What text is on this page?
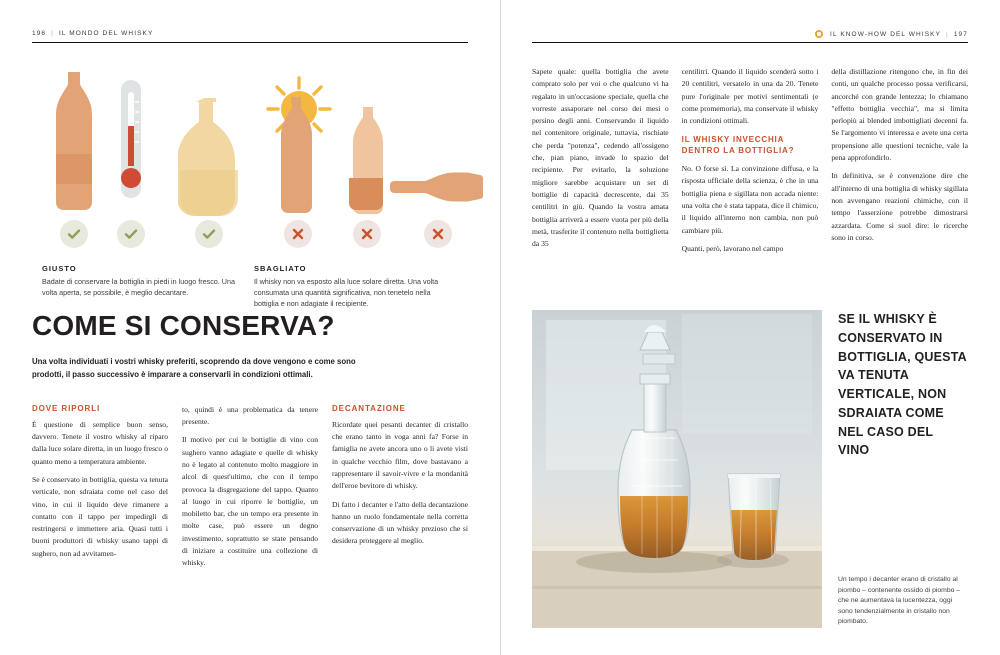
196 | IL MONDO DEL WHISKY
GIUSTO

Badate di conservare la bottiglia in piedi in luogo fresco. Una volta aperta, se possibile, è meglio decantare.

SBAGLIATO

Il whisky non va esposto alla luce solare diretta. Una volta consumata una quantità significativa, non tenetelo nella bottiglia e non adagiate il recipiente.

COME SI CONSERVA?

Una volta individuati i vostri whisky preferiti, scoprendo da dove vengono e come sono prodotti, il passo successivo è imparare a conservarli in condizioni ottimali.

DOVE RIPORLI

È questione di semplice buon senso, davvero. Tenete il vostro whisky al riparo dalla luce solare diretta, in un luogo fresco o quanto meno a temperatura ambiente.

Se è conservato in bottiglia, questa va tenuta verticale, non sdraiata come nel caso del vino, in cui il liquido deve rimanere a contatto con il tappo per impedirgli di restringersi e immettere aria. Quasi tutti i buoni produttori di whisky usano tappi di sughero, non ad avvitamen-

to, quindi è una problematica da tenere presente.

Il motivo per cui le bottiglie di vino con sughero vanno adagiate e quelle di whisky no è legato al contenuto molto maggiore in alcol di quest'ultimo, che con il tempo provoca la disgregazione del tappo. Quanto al luogo in cui riporre le bottiglie, un mobiletto bar, che un tempo era presente in molte case, può essere un degno investimento, soprattutto se state pensando di iniziare a costituire una collezione di whisky.

DECANTAZIONE

Ricordate quei pesanti decanter di cristallo che erano tanto in voga anni fa? Forse in famiglia ne avete ancora uno o li avete visti in qualche vecchio film, dove bastavano a rappresentare il savoir-vivre e la mondanità dell'eroe bevitore di whisky.

Di fatto i decanter e l'atto della decantazione hanno un ruolo fondamentale nella corretta conservazione di un whisky prezioso che si desidera proteggere al meglio.

IL KNOW-HOW DEL WHISKY | 197

Sapete quale: quella bottiglia che avete comprato solo per voi o che qualcuno vi ha regalato in un'occasione speciale, quella che vorreste assaporare nel corso dei mesi o persino degli anni. Conservando il liquido nel contenitore originale, tuttavia, rischiate che perda "potenza", cedendo all'ossigeno che, pian piano, invade lo spazio del recipiente. Per evitarlo, la soluzione migliore sarebbe acquistare un set di bottiglie di capacità decrescente, dai 35 centilitri in giù. Quando la vostra amata bottiglia arriverà a essere vuota per più della metà, trasferite il contenuto nella bottiglietta da 35

centilitri. Quando il liquido scenderà sotto i 20 centilitri, versatelo in una da 20. Tenete pure l'originale per motivi sentimentali (e come promemoria), ma conservate il whisky in condizioni ottimali.

IL WHISKY INVECCHIA DENTRO LA BOTTIGLIA?

No. O forse sì. La convinzione diffusa, e la risposta ufficiale della scienza, è che in una bottiglia piena e sigillata non accada niente: una volta che è stata tappata, dice il chimico, il liquido all'interno non cambia, non può cambiare più.

Quanti, però, lavorano nel campo

della distillazione ritengono che, in fin dei conti, un qualche processo possa verificarsi, ancorché con grande lentezza; lo chiamano "effetto bottiglia vecchia", ma si limita perlopiù ai blended imbottigliati decenni fa. Se l'argomento vi interessa e avete una certa propensione alle questioni tecniche, vale la pena approfondirlo.

In definitiva, se è convenzione dire che all'interno di una bottiglia di whisky sigillata non avvengano reazioni chimiche, con il tempo l'asserzione potrebbe dimostrarsi azzardata. Come si suol dire: le ricerche sono in corso.

SE IL WHISKY È CONSERVATO IN BOTTIGLIA, QUESTA VA TENUTA VERTICALE, NON SDRAIATA COME NEL CASO DEL VINO
Un tempo i decanter erano di cristallo al piombo – contenente ossido di piombo – che ne aumentava la lucentezza, oggi sono tendenzialmente in cristallo non piombato.
